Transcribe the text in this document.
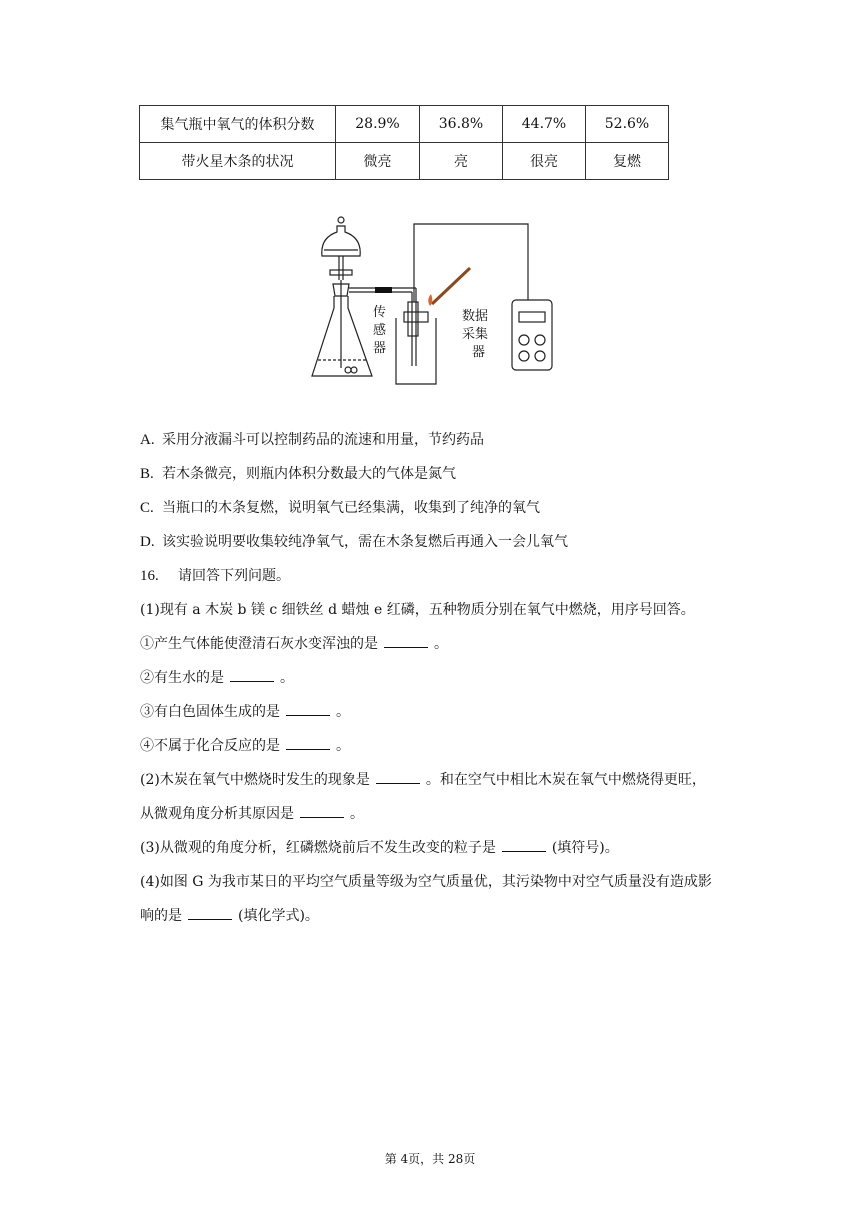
集气瓶中氧气的体积分数	28.9%	36.8%	44.7%	52.6%
带火星木条的状况	微亮	亮	很亮	复燃
传
感
器
数据
采集
器
A. 采用分液漏斗可以控制药品的流速和用量，节约药品
B. 若木条微亮，则瓶内体积分数最大的气体是氮气
C. 当瓶口的木条复燃，说明氧气已经集满，收集到了纯净的氧气
D. 该实验说明要收集较纯净氧气，需在木条复燃后再通入一会儿氧气
16. 请回答下列问题。
(1)现有 a 木炭 b 镁 c 细铁丝 d 蜡烛 e 红磷，五种物质分别在氧气中燃烧，用序号回答。
①产生气体能使澄清石灰水变浑浊的是	。
②有生水的是	。
③有白色固体生成的是	。
④不属于化合反应的是	。
(2)木炭在氧气中燃烧时发生的现象是	。和在空气中相比木炭在氧气中燃烧得更旺，
从微观角度分析其原因是	。
(3)从微观的角度分析，红磷燃烧前后不发生改变的粒子是	(填符号)。
(4)如图 G 为我市某日的平均空气质量等级为空气质量优，其污染物中对空气质量没有造成影
响的是	(填化学式)。
第 4页，共 28页
